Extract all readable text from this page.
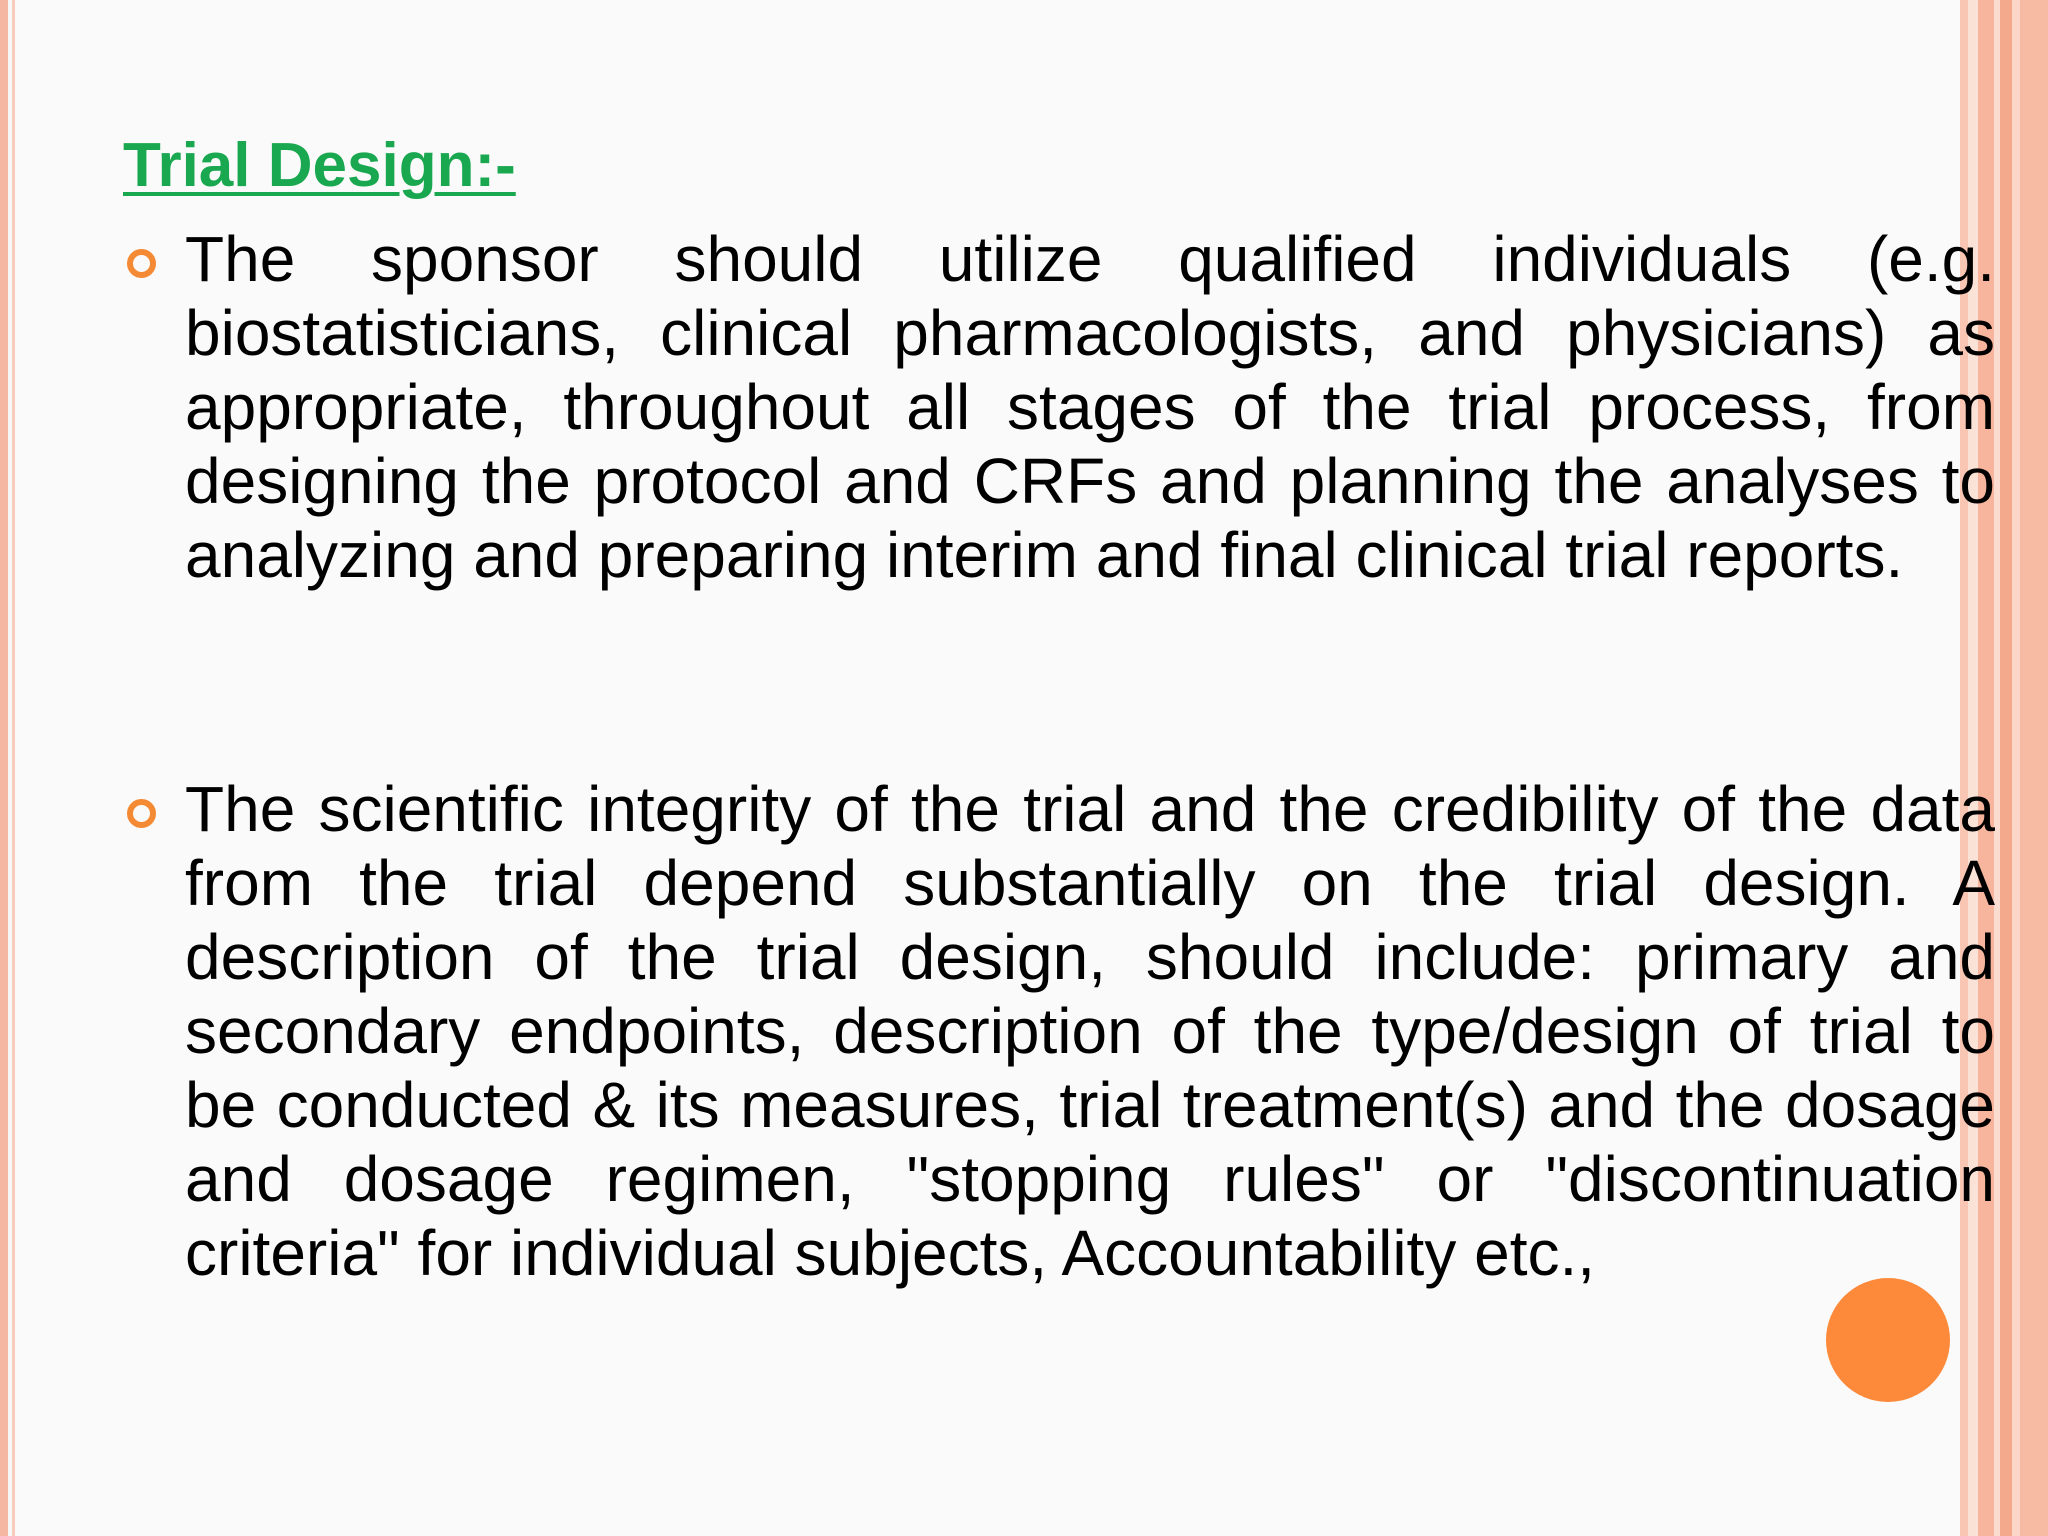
Trial Design:-

The sponsor should utilize qualified individuals (e.g. biostatisticians, clinical pharmacologists, and physicians) as appropriate, throughout all stages of the trial process, from designing the protocol and CRFs and planning the analyses to analyzing and preparing interim and final clinical trial reports.

The scientific integrity of the trial and the credibility of the data from the trial depend substantially on the trial design. A description of the trial design, should include: primary and secondary endpoints, description of the type/design of trial to be conducted & its measures, trial treatment(s) and the dosage and dosage regimen, "stopping rules" or "discontinuation criteria" for individual subjects, Accountability etc.,
